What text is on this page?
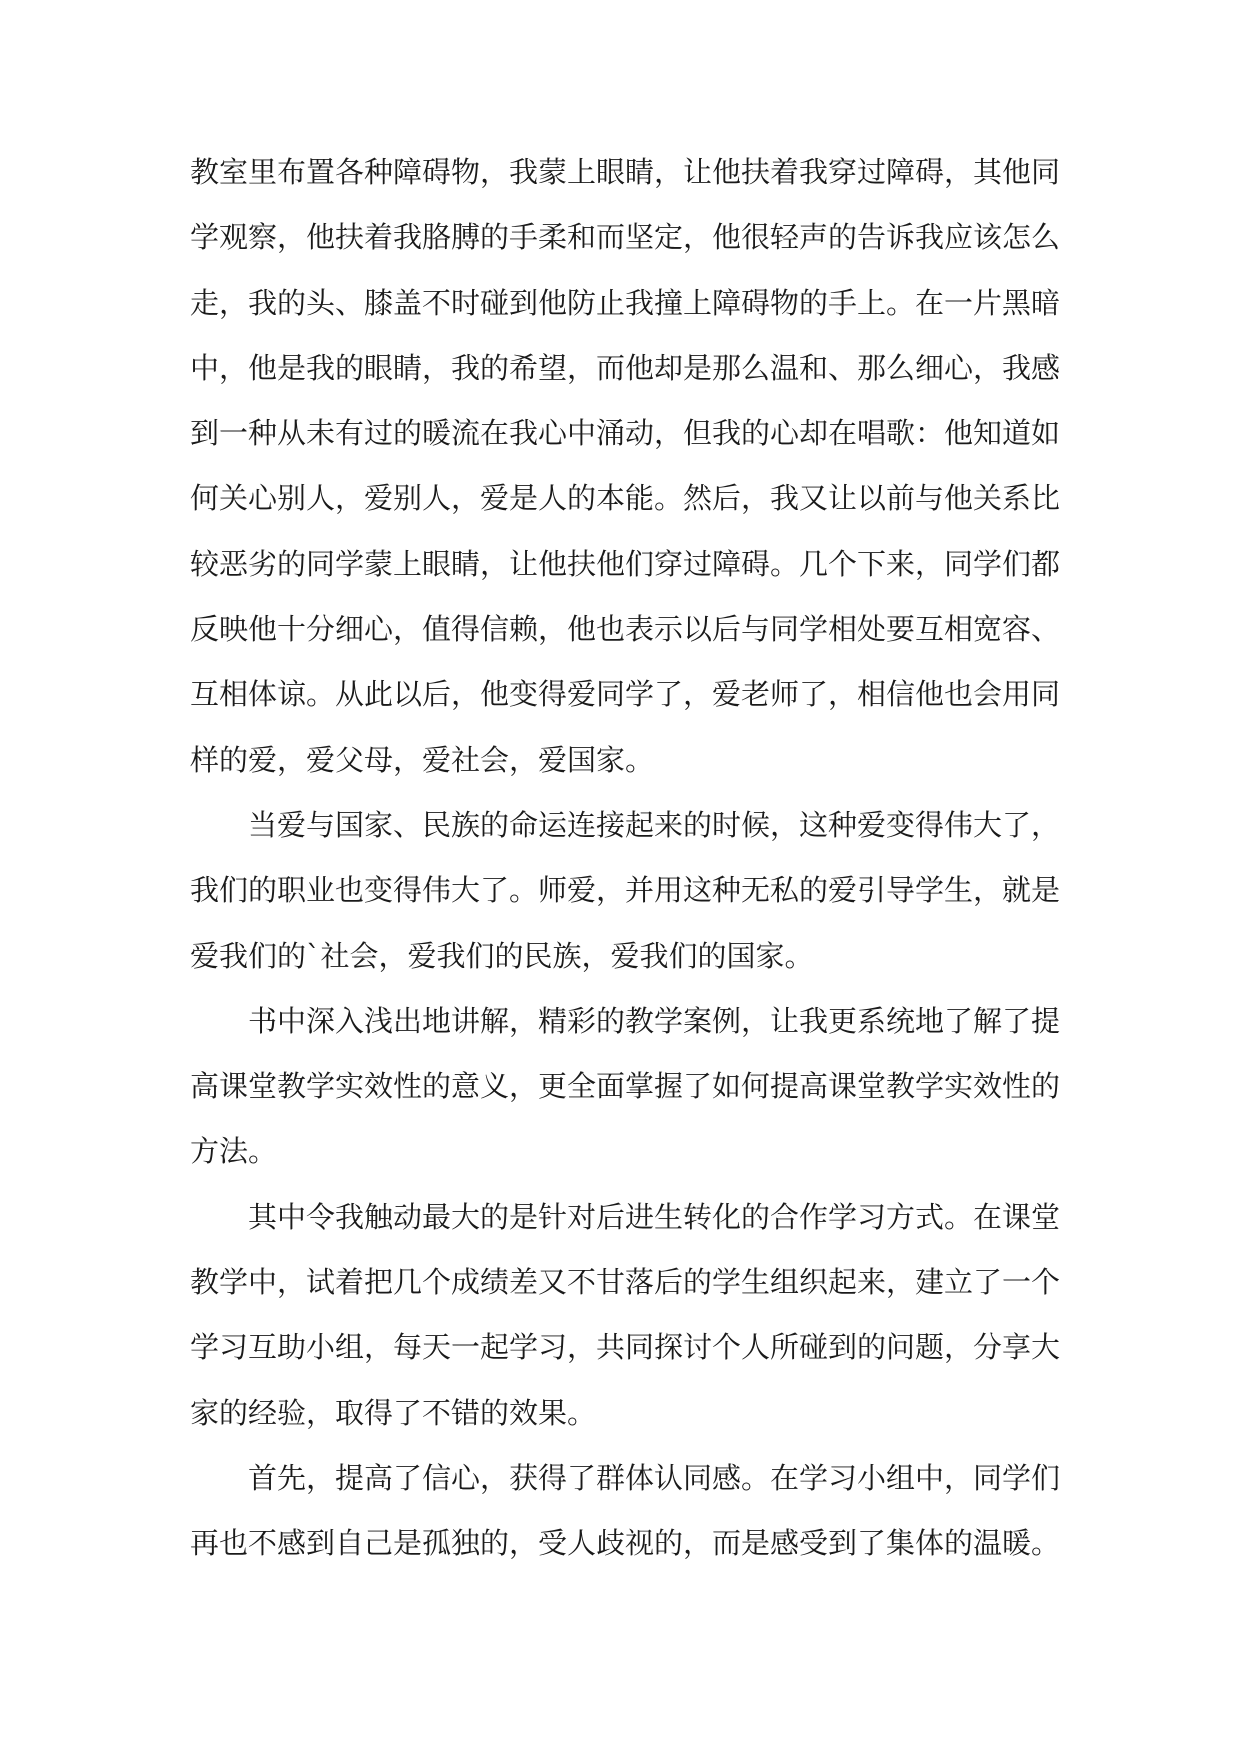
教室里布置各种障碍物，我蒙上眼睛，让他扶着我穿过障碍，其他同
学观察，他扶着我胳膊的手柔和而坚定，他很轻声的告诉我应该怎么
走，我的头、膝盖不时碰到他防止我撞上障碍物的手上。在一片黑暗
中，他是我的眼睛，我的希望，而他却是那么温和、那么细心，我感
到一种从未有过的暖流在我心中涌动，但我的心却在唱歌：他知道如
何关心别人，爱别人，爱是人的本能。然后，我又让以前与他关系比
较恶劣的同学蒙上眼睛，让他扶他们穿过障碍。几个下来，同学们都
反映他十分细心，值得信赖，他也表示以后与同学相处要互相宽容、
互相体谅。从此以后，他变得爱同学了，爱老师了，相信他也会用同
样的爱，爱父母，爱社会，爱国家。
当爱与国家、民族的命运连接起来的时候，这种爱变得伟大了，
我们的职业也变得伟大了。师爱，并用这种无私的爱引导学生，就是
爱我们的`社会，爱我们的民族，爱我们的国家。
书中深入浅出地讲解，精彩的教学案例，让我更系统地了解了提
高课堂教学实效性的意义，更全面掌握了如何提高课堂教学实效性的
方法。
其中令我触动最大的是针对后进生转化的合作学习方式。在课堂
教学中，试着把几个成绩差又不甘落后的学生组织起来，建立了一个
学习互助小组，每天一起学习，共同探讨个人所碰到的问题，分享大
家的经验，取得了不错的效果。
首先，提高了信心，获得了群体认同感。在学习小组中，同学们
再也不感到自己是孤独的，受人歧视的，而是感受到了集体的温暖。
